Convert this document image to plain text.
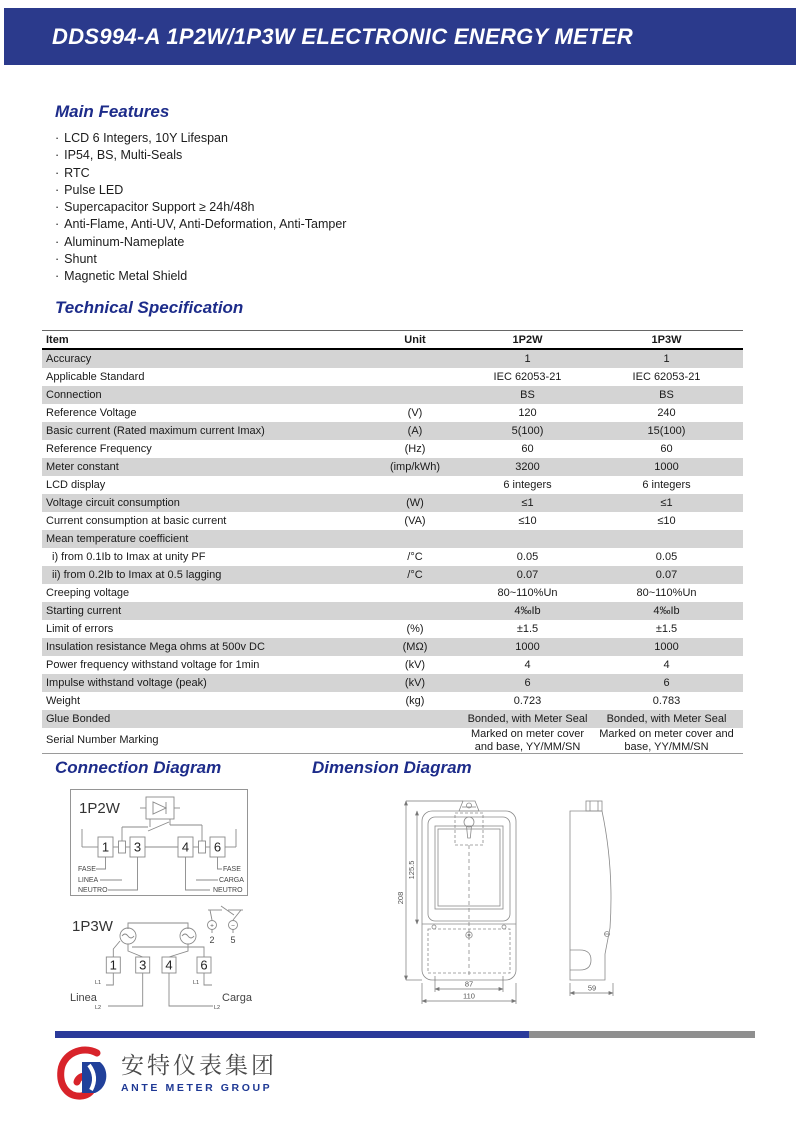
DDS994-A 1P2W/1P3W ELECTRONIC ENERGY METER
Main Features
· LCD 6 Integers, 10Y Lifespan
· IP54, BS, Multi-Seals
· RTC
· Pulse LED
· Supercapacitor Support ≥ 24h/48h
· Anti-Flame, Anti-UV, Anti-Deformation, Anti-Tamper
· Aluminum-Nameplate
· Shunt
· Magnetic Metal Shield
Technical Specification
Item	Unit	1P2W	1P3W
Accuracy		1	1
Applicable Standard		IEC 62053-21	IEC 62053-21
Connection		BS	BS
Reference Voltage	(V)	120	240
Basic current (Rated maximum current Imax)	(A)	5(100)	15(100)
Reference Frequency	(Hz)	60	60
Meter constant	(imp/kWh)	3200	1000
LCD display		6 integers	6 integers
Voltage circuit consumption	(W)	≤1	≤1
Current consumption at basic current	(VA)	≤10	≤10
Mean temperature coefficient			
i) from 0.1Ib to Imax at unity PF	/°C	0.05	0.05
ii) from 0.2Ib to Imax at 0.5 lagging	/°C	0.07	0.07
Creeping voltage		80~110%Un	80~110%Un
Starting current		4‰Ib	4‰Ib
Limit of errors	(%)	±1.5	±1.5
Insulation resistance Mega ohms at 500v DC	(MΩ)	1000	1000
Power frequency withstand voltage for 1min	(kV)	4	4
Impulse withstand voltage (peak)	(kV)	6	6
Weight	(kg)	0.723	0.783
Glue Bonded		Bonded, with Meter Seal	Bonded, with Meter Seal
Serial Number Marking		Marked on meter cover and base, YY/MM/SN	Marked on meter cover and base, YY/MM/SN
Connection Diagram	Dimension Diagram
1 3	4 6
1P2W
FASE
LINEA
NEUTRO
FASE
CARGA
NEUTRO
1P3W
1 3 4 6
+	−
2 5
L1
L2
L1
L2
Linea	Carga
208
125.5
87
110
59
安特仪表集团
ANTE METER GROUP
